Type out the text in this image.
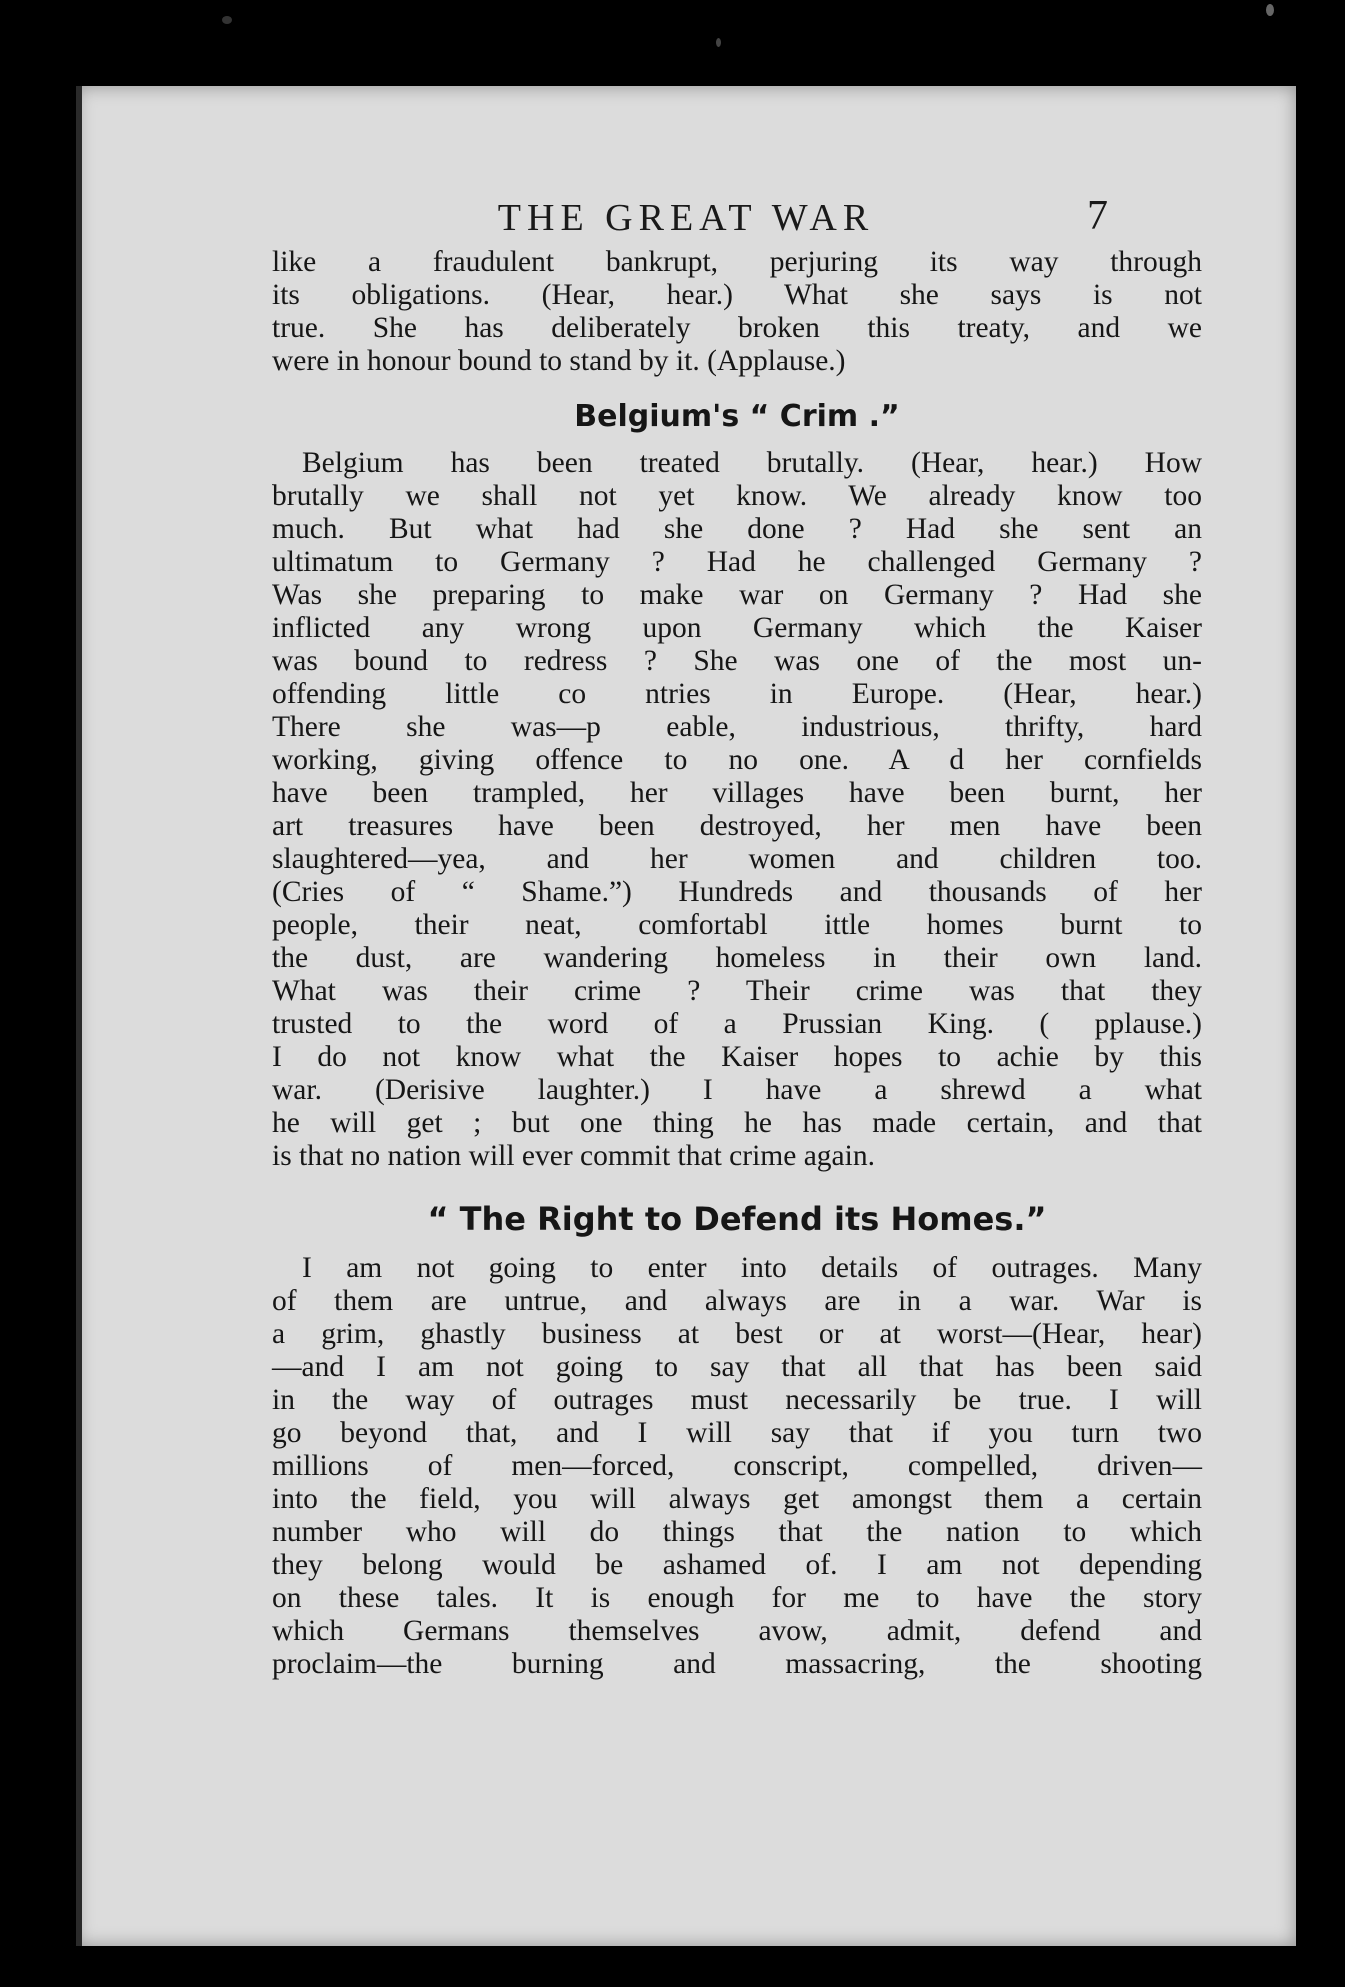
THE GREAT WAR	7
like a fraudulent bankrupt, perjuring its way through
its obligations. (Hear, hear.) What she says is not
true. She has deliberately broken this treaty, and we
were in honour bound to stand by it. (Applause.)
Belgium's “ Crim .”
Belgium has been treated brutally. (Hear, hear.) How
brutally we shall not yet know. We already know too
much. But what had she done ? Had she sent an
ultimatum to Germany ? Had he challenged Germany ?
Was she preparing to make war on Germany ? Had she
inflicted any wrong upon Germany which the Kaiser
was bound to redress ? She was one of the most un-
offending little co ntries in Europe. (Hear, hear.)
There she was—p eable, industrious, thrifty, hard
working, giving offence to no one. A d her cornfields
have been trampled, her villages have been burnt, her
art treasures have been destroyed, her men have been
slaughtered—yea, and her women and children too.
(Cries of “ Shame.”) Hundreds and thousands of her
people, their neat, comfortabl ittle homes burnt to
the dust, are wandering homeless in their own land.
What was their crime ? Their crime was that they
trusted to the word of a Prussian King. ( pplause.)
I do not know what the Kaiser hopes to achie by this
war. (Derisive laughter.) I have a shrewd a what
he will get ; but one thing he has made certain, and that
is that no nation will ever commit that crime again.
“ The Right to Defend its Homes.”
I am not going to enter into details of outrages. Many
of them are untrue, and always are in a war. War is
a grim, ghastly business at best or at worst—(Hear, hear)
—and I am not going to say that all that has been said
in the way of outrages must necessarily be true. I will
go beyond that, and I will say that if you turn two
millions of men—forced, conscript, compelled, driven—
into the field, you will always get amongst them a certain
number who will do things that the nation to which
they belong would be ashamed of. I am not depending
on these tales. It is enough for me to have the story
which Germans themselves avow, admit, defend and
proclaim—the burning and massacring, the shooting
